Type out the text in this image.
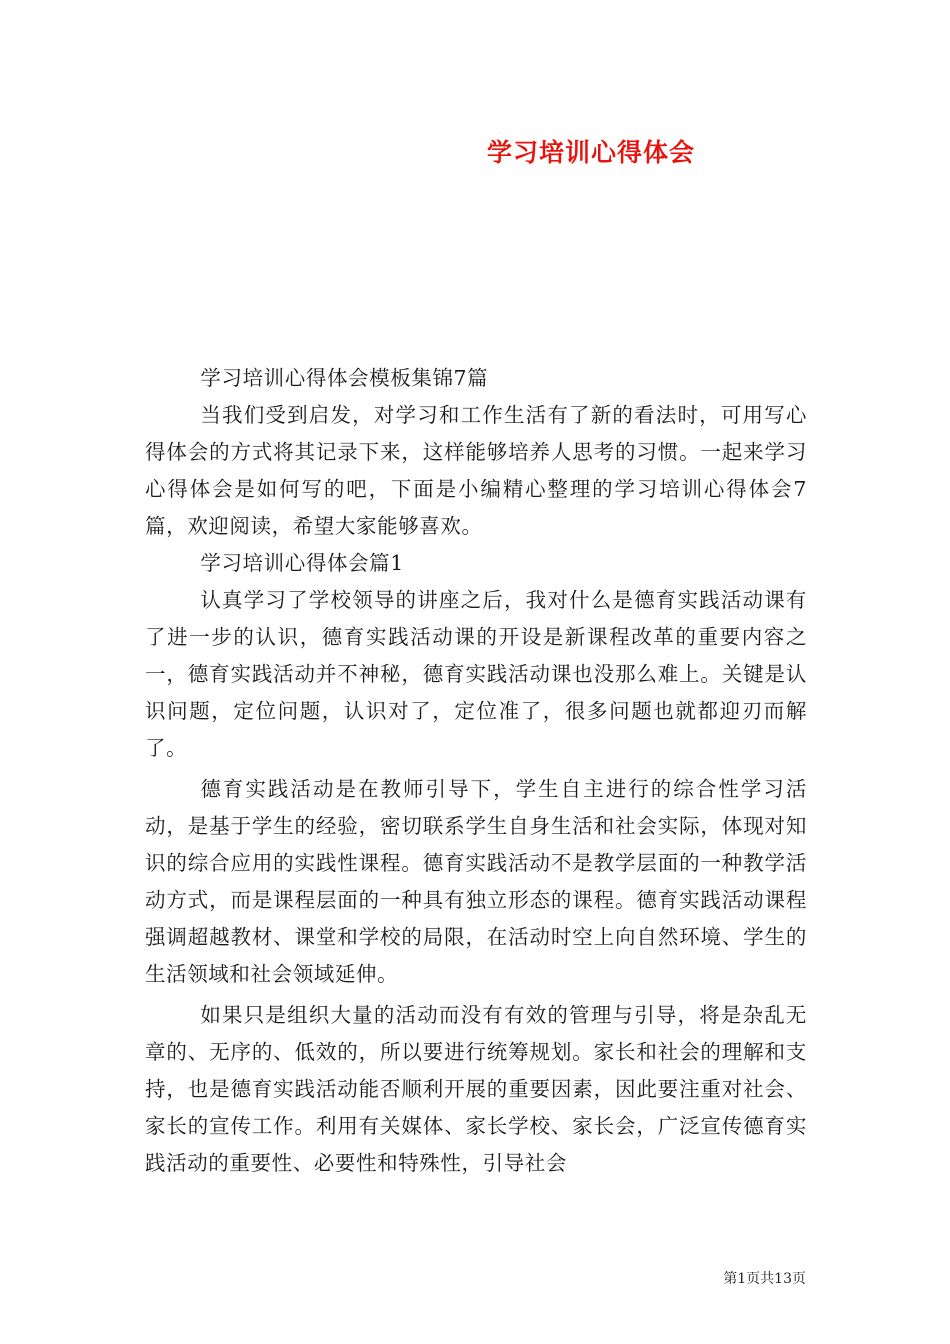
学习培训心得体会

学习培训心得体会模板集锦7篇

当我们受到启发，对学习和工作生活有了新的看法时，可用写心得体会的方式将其记录下来，这样能够培养人思考的习惯。一起来学习心得体会是如何写的吧，下面是小编精心整理的学习培训心得体会7篇，欢迎阅读，希望大家能够喜欢。

学习培训心得体会篇1

认真学习了学校领导的讲座之后，我对什么是德育实践活动课有了进一步的认识，德育实践活动课的开设是新课程改革的重要内容之一，德育实践活动并不神秘，德育实践活动课也没那么难上。关键是认识问题，定位问题，认识对了，定位准了，很多问题也就都迎刃而解了。

德育实践活动是在教师引导下，学生自主进行的综合性学习活动，是基于学生的经验，密切联系学生自身生活和社会实际，体现对知识的综合应用的实践性课程。德育实践活动不是教学层面的一种教学活动方式，而是课程层面的一种具有独立形态的课程。德育实践活动课程强调超越教材、课堂和学校的局限，在活动时空上向自然环境、学生的生活领域和社会领域延伸。

如果只是组织大量的活动而没有有效的管理与引导，将是杂乱无章的、无序的、低效的，所以要进行统筹规划。家长和社会的理解和支持，也是德育实践活动能否顺利开展的重要因素，因此要注重对社会、家长的宣传工作。利用有关媒体、家长学校、家长会，广泛宣传德育实践活动的重要性、必要性和特殊性，引导社会

第1页共13页
